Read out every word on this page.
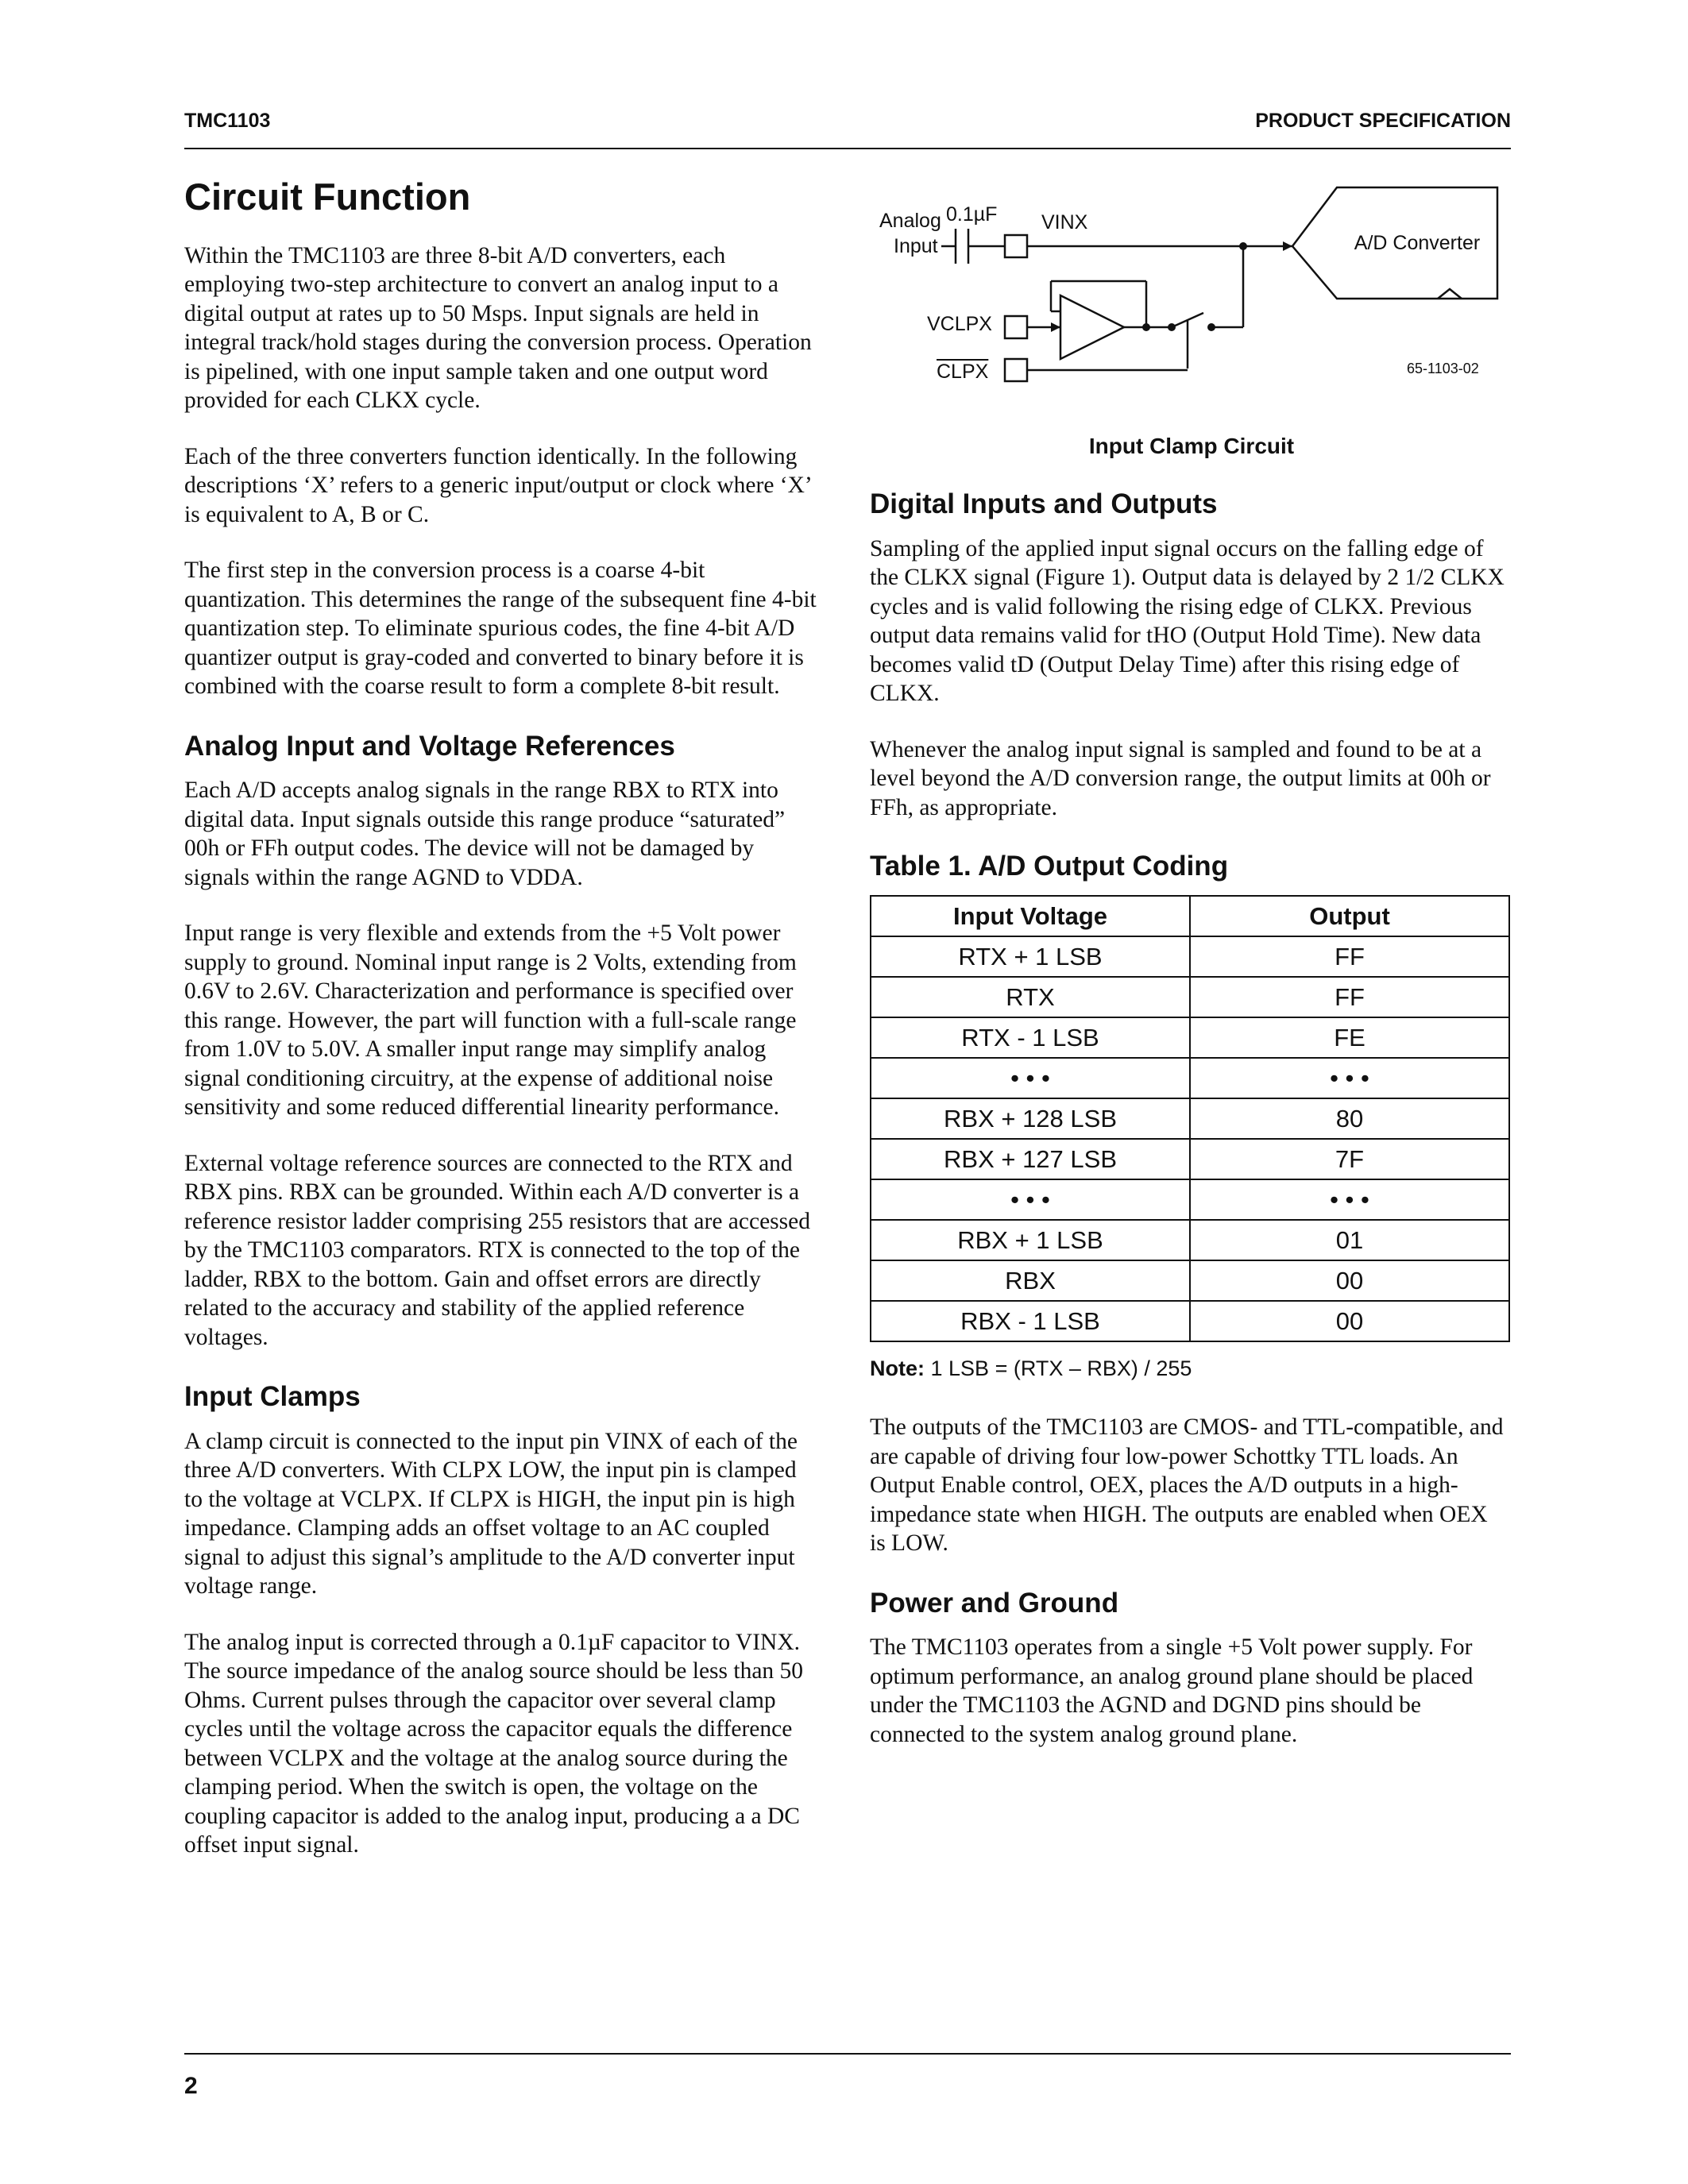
TMC1103	PRODUCT SPECIFICATION
Circuit Function

Within the TMC1103 are three 8-bit A/D converters, each employing two-step architecture to convert an analog input to a digital output at rates up to 50 Msps. Input signals are held in integral track/hold stages during the conversion process. Operation is pipelined, with one input sample taken and one output word provided for each CLKX cycle.

Each of the three converters function identically. In the following descriptions ‘X’ refers to a generic input/output or clock where ‘X’ is equivalent to A, B or C.

The first step in the conversion process is a coarse 4-bit quantization. This determines the range of the subsequent fine 4-bit quantization step. To eliminate spurious codes, the fine 4-bit A/D quantizer output is gray-coded and converted to binary before it is combined with the coarse result to form a complete 8-bit result.

Analog Input and Voltage References

Each A/D accepts analog signals in the range RBX to RTX into digital data. Input signals outside this range produce “saturated” 00h or FFh output codes. The device will not be damaged by signals within the range AGND to VDDA.

Input range is very flexible and extends from the +5 Volt power supply to ground. Nominal input range is 2 Volts, extending from 0.6V to 2.6V. Characterization and performance is specified over this range. However, the part will function with a full-scale range from 1.0V to 5.0V. A smaller input range may simplify analog signal conditioning circuitry, at the expense of additional noise sensitivity and some reduced differential linearity performance.

External voltage reference sources are connected to the RTX and RBX pins. RBX can be grounded. Within each A/D converter is a reference resistor ladder comprising 255 resistors that are accessed by the TMC1103 comparators. RTX is connected to the top of the ladder, RBX to the bottom. Gain and offset errors are directly related to the accuracy and stability of the applied reference voltages.

Input Clamps

A clamp circuit is connected to the input pin VINX of each of the three A/D converters. With CLPX LOW, the input pin is clamped to the voltage at VCLPX. If CLPX is HIGH, the input pin is high impedance. Clamping adds an offset voltage to an AC coupled signal to adjust this signal’s amplitude to the A/D converter input voltage range.

The analog input is corrected through a 0.1µF capacitor to VINX. The source impedance of the analog source should be less than 50 Ohms. Current pulses through the capacitor over several clamp cycles until the voltage across the capacitor equals the difference between VCLPX and the voltage at the analog source during the clamping period. When the switch is open, the voltage on the coupling capacitor is added to the analog input, producing a a DC offset input signal.

0.1µF
Analog
Input
VINX
VCLPX
CLPX
A/D Converter
65-1103-02
Input Clamp Circuit
Digital Inputs and Outputs

Sampling of the applied input signal occurs on the falling edge of the CLKX signal (Figure 1). Output data is delayed by 2 1/2 CLKX cycles and is valid following the rising edge of CLKX. Previous output data remains valid for tHO (Output Hold Time). New data becomes valid tD (Output Delay Time) after this rising edge of CLKX.

Whenever the analog input signal is sampled and found to be at a level beyond the A/D conversion range, the output limits at 00h or FFh, as appropriate.

Table 1. A/D Output Coding
Input Voltage	Output
RTX + 1 LSB	FF
RTX	FF
RTX - 1 LSB	FE
• • •	• • •
RBX + 128 LSB	80
RBX + 127 LSB	7F
• • •	• • •
RBX + 1 LSB	01
RBX	00
RBX - 1 LSB	00
Note: 1 LSB = (RTX – RBX) / 255

The outputs of the TMC1103 are CMOS- and TTL-compatible, and are capable of driving four low-power Schottky TTL loads. An Output Enable control, OEX, places the A/D outputs in a high-impedance state when HIGH. The outputs are enabled when OEX is LOW.

Power and Ground

The TMC1103 operates from a single +5 Volt power supply. For optimum performance, an analog ground plane should be placed under the TMC1103 the AGND and DGND pins should be connected to the system analog ground plane.

2
